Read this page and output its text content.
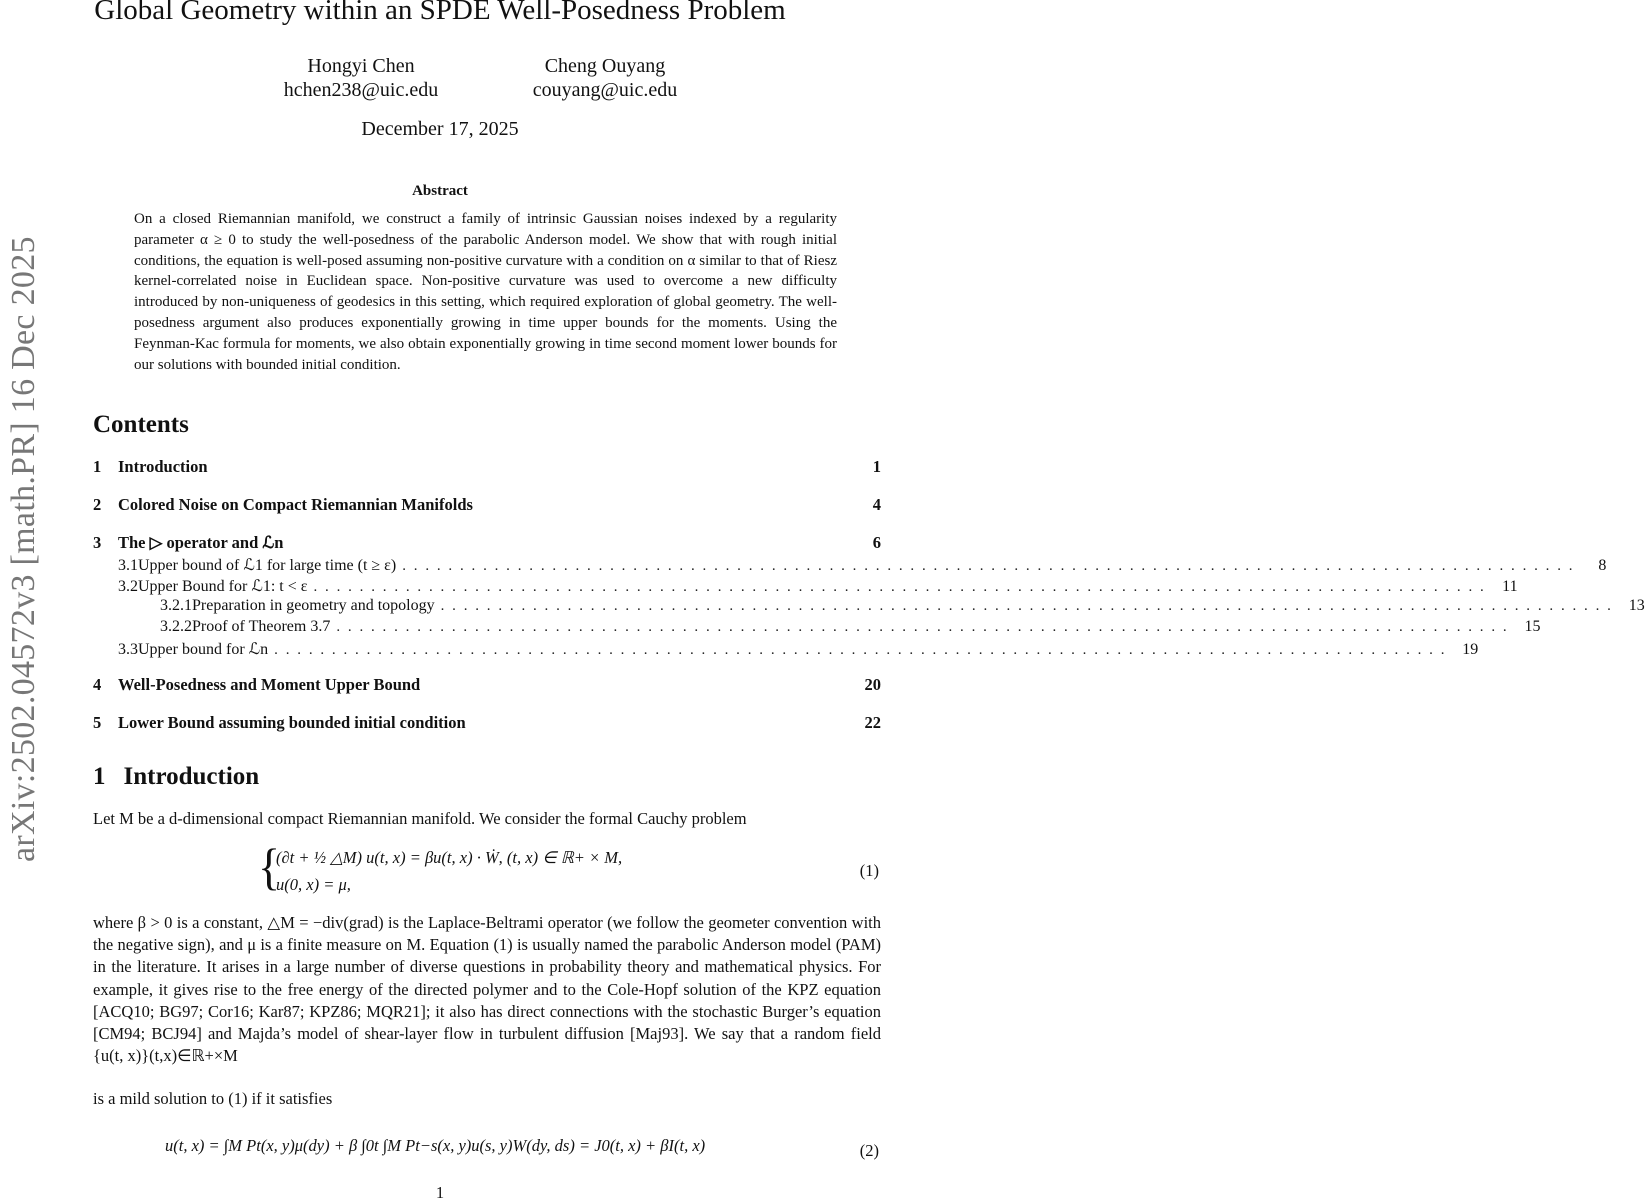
arXiv:2502.04572v3 [math.PR] 16 Dec 2025
Global Geometry within an SPDE Well-Posedness Problem
Hongyi Chen
hchen238@uic.edu
Cheng Ouyang
couyang@uic.edu
December 17, 2025
Abstract
On a closed Riemannian manifold, we construct a family of intrinsic Gaussian noises indexed by a regularity parameter α ≥ 0 to study the well-posedness of the parabolic Anderson model. We show that with rough initial conditions, the equation is well-posed assuming non-positive curvature with a condition on α similar to that of Riesz kernel-correlated noise in Euclidean space. Non-positive curvature was used to overcome a new difficulty introduced by non-uniqueness of geodesics in this setting, which required exploration of global geometry. The well-posedness argument also produces exponentially growing in time upper bounds for the moments. Using the Feynman-Kac formula for moments, we also obtain exponentially growing in time second moment lower bounds for our solutions with bounded initial condition.
Contents
1	Introduction	1
2	Colored Noise on Compact Riemannian Manifolds	4
3	The ▷ operator and ℒn	6
3.1 Upper bound of ℒ1 for large time (t ≥ ε) ......................................................................................................	8
3.2 Upper Bound for ℒ1: t < ε ...................................................................................................... 11
3.2.1 Preparation in geometry and topology ...................................................................................................... 13
3.2.2 Proof of Theorem 3.7 ...................................................................................................... 15
3.3 Upper bound for ℒn ...................................................................................................... 19
4	Well-Posedness and Moment Upper Bound	20
5	Lower Bound assuming bounded initial condition	22
1 Introduction
Let M be a d-dimensional compact Riemannian manifold. We consider the formal Cauchy problem
{
(∂t + ½ △M) u(t, x) = βu(t, x) · Ẇ, (t, x) ∈ ℝ+ × M,
u(0, x) = μ,
(1)
where β > 0 is a constant, △M = −div(grad) is the Laplace-Beltrami operator (we follow the geometer convention with the negative sign), and μ is a finite measure on M. Equation (1) is usually named the parabolic Anderson model (PAM) in the literature. It arises in a large number of diverse questions in probability theory and mathematical physics. For example, it gives rise to the free energy of the directed polymer and to the Cole-Hopf solution of the KPZ equation [ACQ10; BG97; Cor16; Kar87; KPZ86; MQR21]; it also has direct connections with the stochastic Burger’s equation [CM94; BCJ94] and Majda’s model of shear-layer flow in turbulent diffusion [Maj93]. We say that a random field {u(t, x)}(t,x)∈ℝ+×M
is a mild solution to (1) if it satisfies
u(t, x) = ∫M Pt(x, y)μ(dy) + β ∫0t ∫M Pt−s(x, y)u(s, y)W(dy, ds) = J0(t, x) + βI(t, x)	(2)
1
